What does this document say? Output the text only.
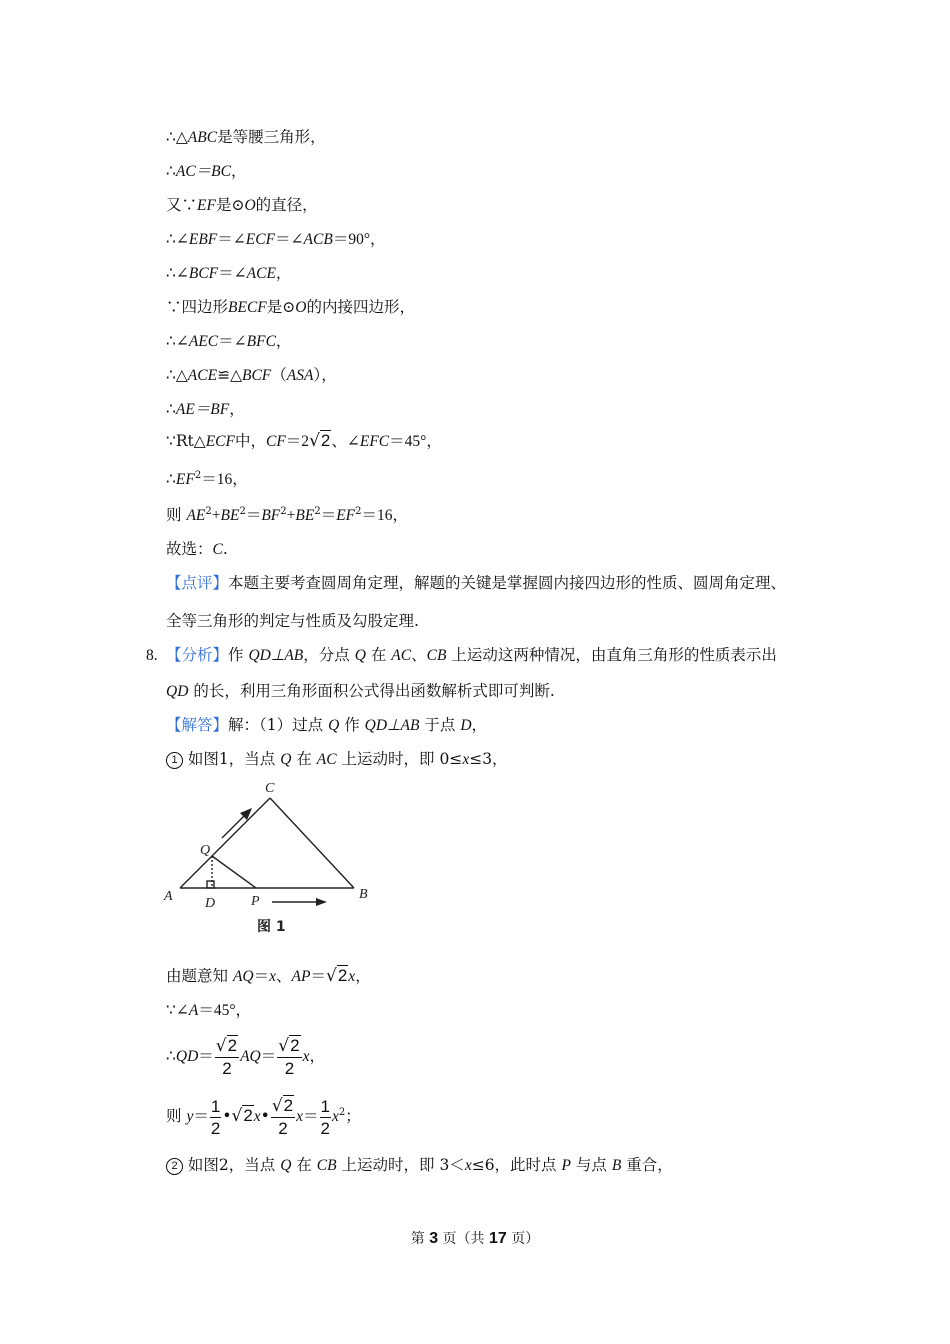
∴△ABC是等腰三角形，
∴AC＝BC，
又∵EF是⊙O的直径，
∴∠EBF＝∠ECF＝∠ACB＝90°，
∴∠BCF＝∠ACE，
∵四边形BECF是⊙O的内接四边形，
∴∠AEC＝∠BFC，
∴△ACE≌△BCF（ASA），
∴AE＝BF，
∵Rt△ECF中，CF＝2√2、∠EFC＝45°，
$\therefore EF^2=16$，
则 $AE^2+BE^2=BF^2+BE^2=EF^2=16$，
故选：C.
【点评】本题主要考查圆周角定理，解题的关键是掌握圆内接四边形的性质、圆周角定理、
全等三角形的判定与性质及勾股定理.
8. 【分析】作 QD⊥AB，分点 Q 在 AC、CB 上运动这两种情况，由直角三角形的性质表示出
QD 的长，利用三角形面积公式得出函数解析式即可判断.
【解答】解：（1）过点 Q 作 QD⊥AB 于点 D，
1 如图1，当点 Q 在 AC 上运动时，即 0≤x≤3，
C
Q
A D	P	B
图 1
由题意知 AQ＝x、AP＝√2x，
∵∠A＝45°，
∴QD＝ $\frac{√2}{2} AQ= \frac{√2}{2}$ x，
则 $y= \frac{1}{2}$ •√2x• $\frac{√2}{2} x= \frac{1}{2} x^2$；
2 如图2，当点 Q 在 CB 上运动时，即 3＜x≤6，此时点 P 与点 B 重合，
第 3 页（共 17 页）
